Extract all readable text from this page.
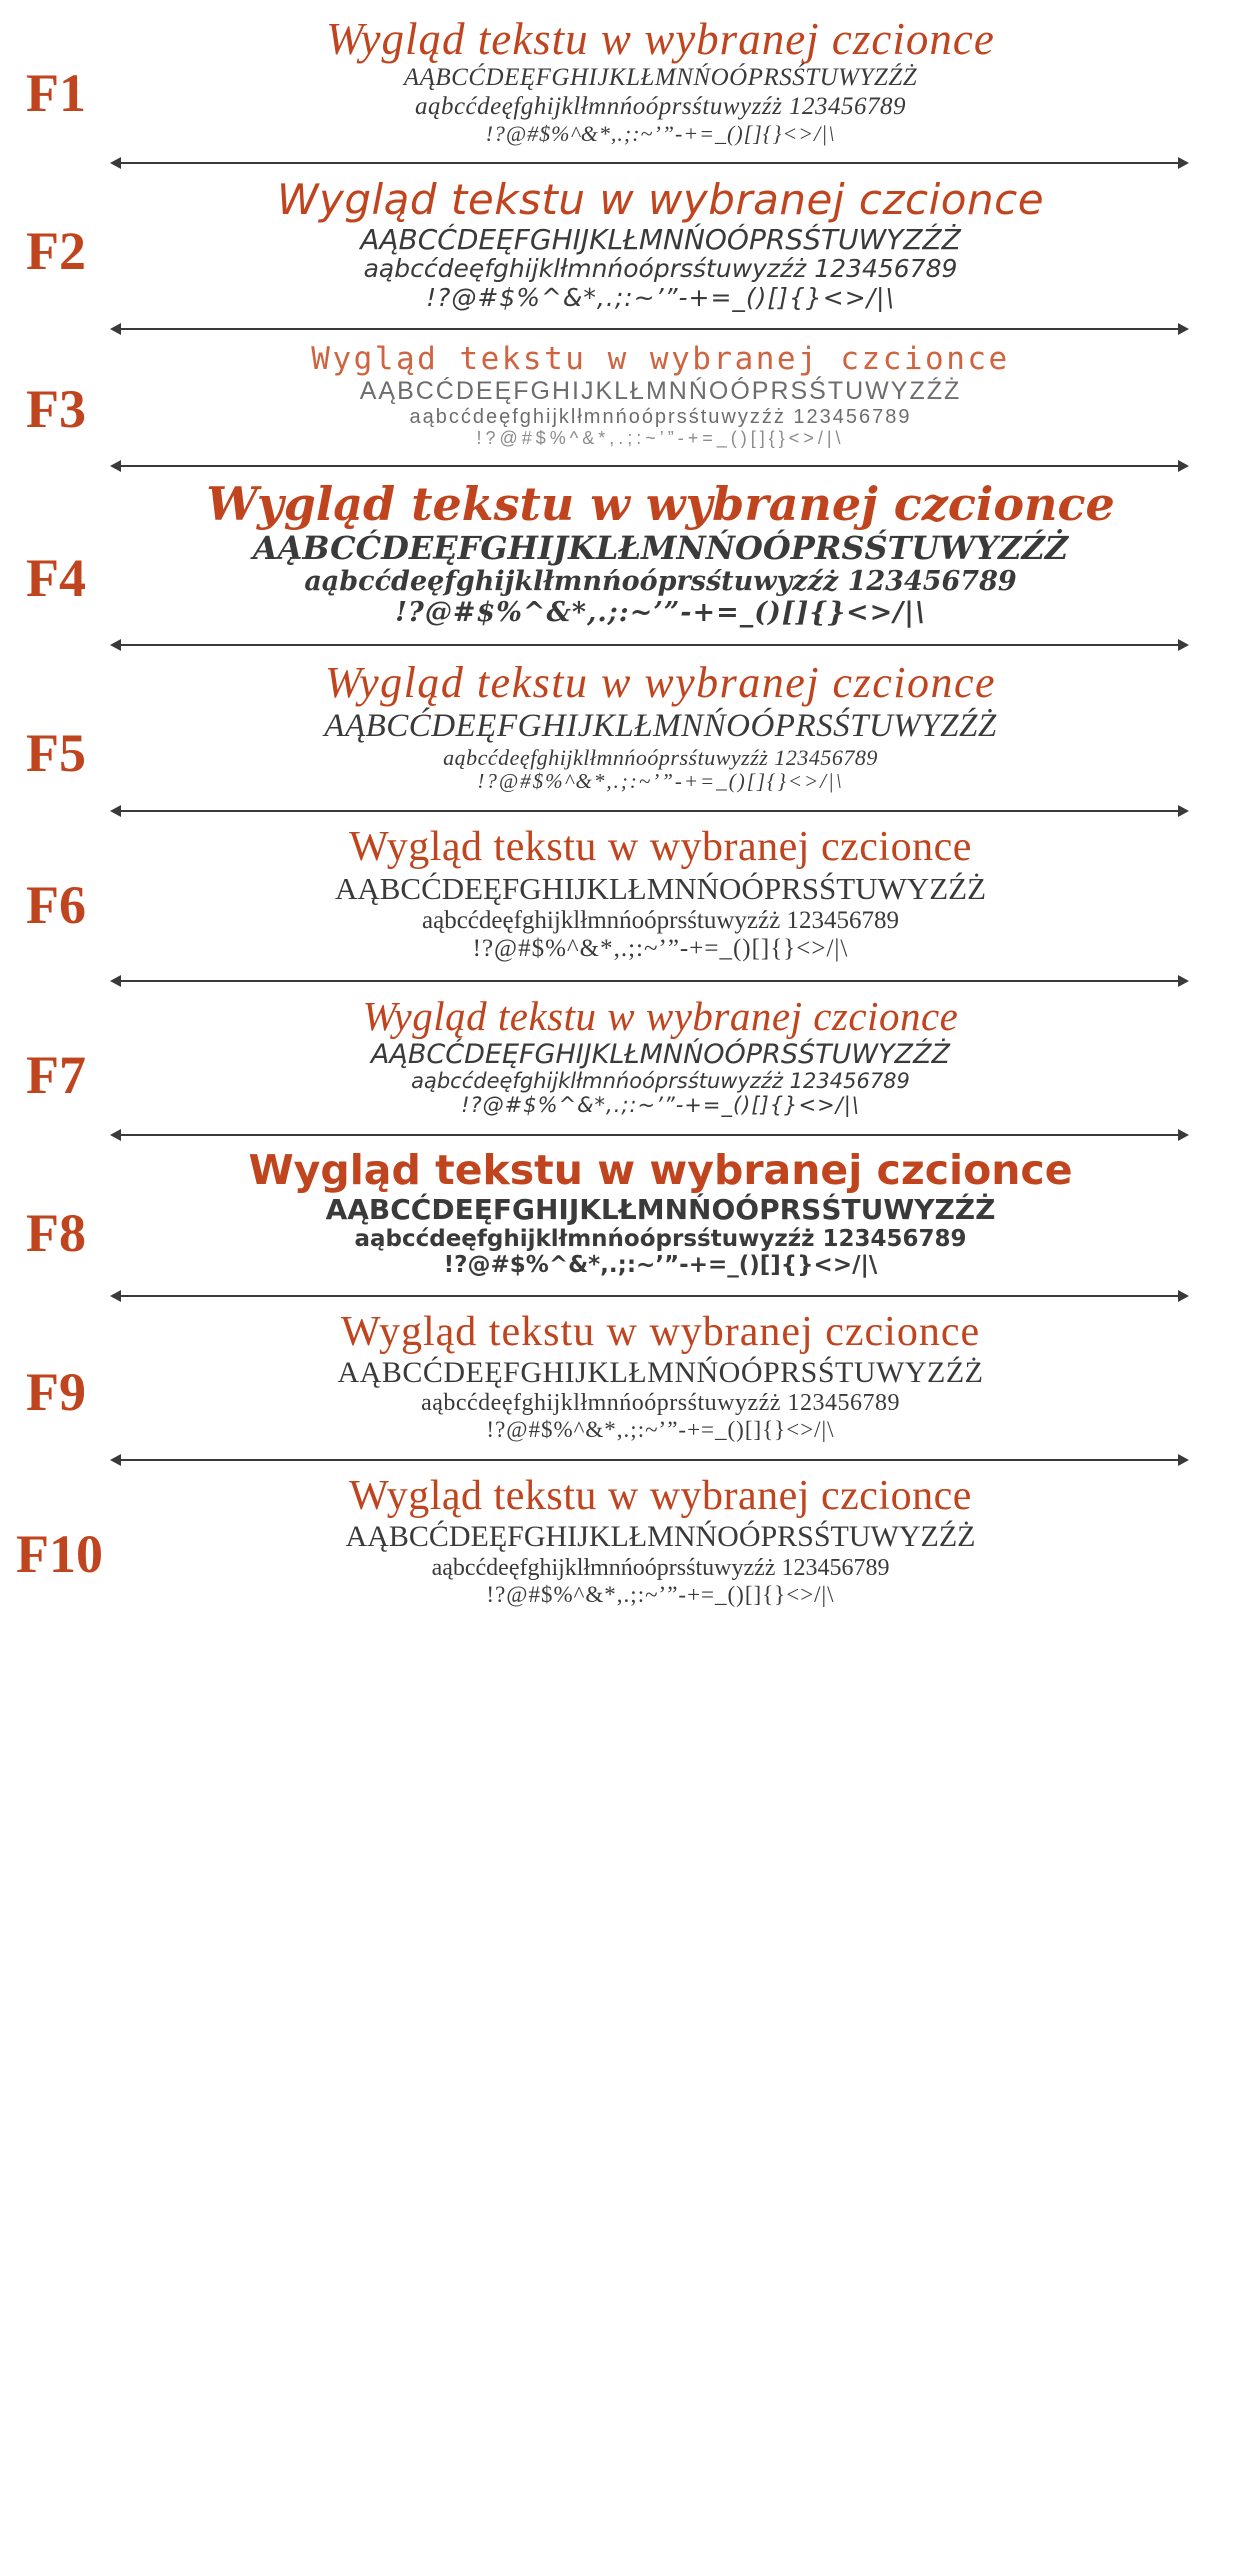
F1
Wygląd tekstu w wybranej czcionce
AĄBCĆDEĘFGHIJKLŁMNŃOÓPRSŚTUWYZŹŻ
aąbcćdeęfghijklłmnńoóprsśtuwyzźż 123456789
!?@#$%^&*,.;:~’”-+=_()[]{}<>/|\
F2
Wygląd tekstu w wybranej czcionce
AĄBCĆDEĘFGHIJKLŁMNŃOÓPRSŚTUWYZŹŻ
aąbcćdeęfghijklłmnńoóprsśtuwyzźż 123456789
!?@#$%^&*,.;:~’”-+=_()[]{}<>/|\
F3
Wygląd tekstu w wybranej czcionce
AĄBCĆDEĘFGHIJKLŁMNŃOÓPRSŚTUWYZŹŻ
aąbcćdeęfghijklłmnńoóprsśtuwyzźż 123456789
!?@#$%^&*,.;:~’”-+=_()[]{}<>/|\
F4
Wygląd tekstu w wybranej czcionce
AĄBCĆDEĘFGHIJKLŁMNŃOÓPRSŚTUWYZŹŻ
aąbcćdeęfghijklłmnńoóprsśtuwyzźż 123456789
!?@#$%^&*,.;:~’”-+=_()[]{}<>/|\
F5
Wygląd tekstu w wybranej czcionce
AĄBCĆDEĘFGHIJKLŁMNŃOÓPRSŚTUWYZŹŻ
aąbcćdeęfghijklłmnńoóprsśtuwyzźż 123456789
!?@#$%^&*,.;:~’”-+=_()[]{}<>/|\
F6
Wygląd tekstu w wybranej czcionce
AĄBCĆDEĘFGHIJKLŁMNŃOÓPRSŚTUWYZŹŻ
aąbcćdeęfghijklłmnńoóprsśtuwyzźż 123456789
!?@#$%^&*,.;:~’”-+=_()[]{}<>/|\
F7
Wygląd tekstu w wybranej czcionce
AĄBCĆDEĘFGHIJKLŁMNŃOÓPRSŚTUWYZŹŻ
aąbcćdeęfghijklłmnńoóprsśtuwyzźż 123456789
!?@#$%^&*,.;:~’”-+=_()[]{}<>/|\
F8
Wygląd tekstu w wybranej czcionce
AĄBCĆDEĘFGHIJKLŁMNŃOÓPRSŚTUWYZŹŻ
aąbcćdeęfghijklłmnńoóprsśtuwyzźż 123456789
!?@#$%^&*,.;:~’”-+=_()[]{}<>/|\
F9
Wygląd tekstu w wybranej czcionce
AĄBCĆDEĘFGHIJKLŁMNŃOÓPRSŚTUWYZŹŻ
aąbcćdeęfghijklłmnńoóprsśtuwyzźż 123456789
!?@#$%^&*,.;:~’”-+=_()[]{}<>/|\
F10
Wygląd tekstu w wybranej czcionce
AĄBCĆDEĘFGHIJKLŁMNŃOÓPRSŚTUWYZŹŻ
aąbcćdeęfghijklłmnńoóprsśtuwyzźż 123456789
!?@#$%^&*,.;:~’”-+=_()[]{}<>/|\
